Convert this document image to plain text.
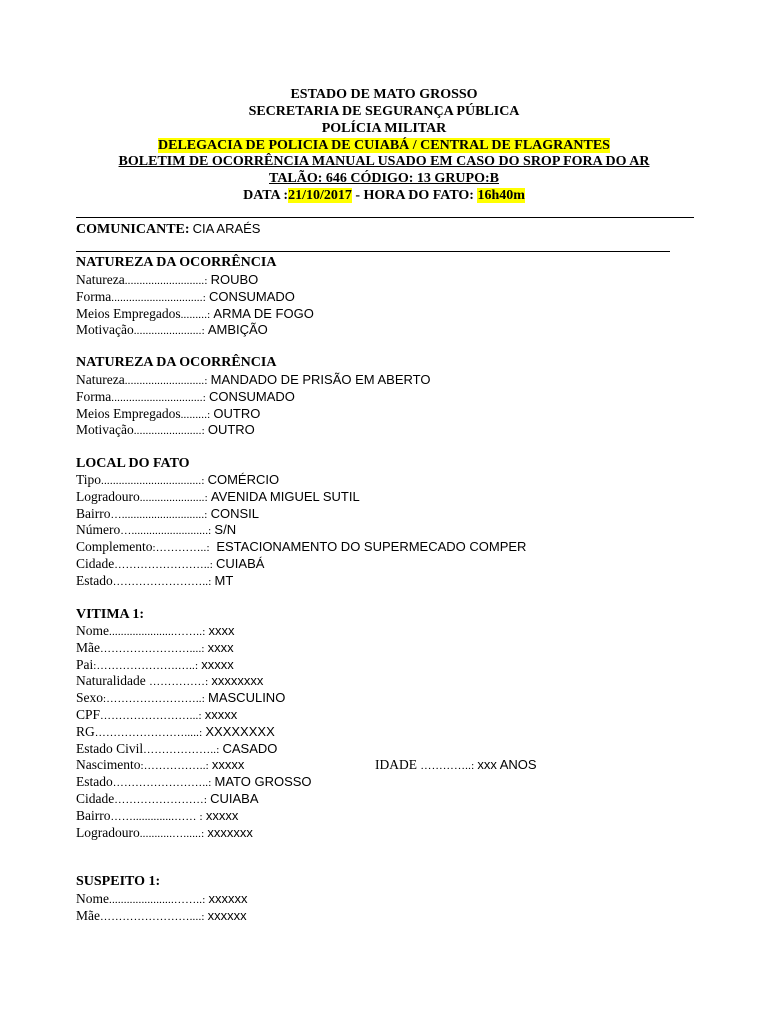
ESTADO DE MATO GROSSO
SECRETARIA DE SEGURANÇA PÚBLICA
POLÍCIA MILITAR
DELEGACIA DE POLICIA DE CUIABÁ / CENTRAL DE FLAGRANTES
BOLETIM DE OCORRÊNCIA MANUAL USADO EM CASO DO SROP FORA DO AR
TALÃO: 646 CÓDIGO: 13 GRUPO:B
DATA :21/10/2017 - HORA DO FATO: 16h40m
COMUNICANTE: CIA ARAÉS
NATUREZA DA OCORRÊNCIA
Natureza...........................: ROUBO
Forma...............................: CONSUMADO
Meios Empregados.........: ARMA DE FOGO
Motivação.......................: AMBIÇÃO
NATUREZA DA OCORRÊNCIA
Natureza...........................: MANDADO DE PRISÃO EM ABERTO
Forma...............................: CONSUMADO
Meios Empregados.........: OUTRO
Motivação.......................: OUTRO
LOCAL DO FATO
Tipo..................................: COMÉRCIO
Logradouro......................: AVENIDA MIGUEL SUTIL
Bairro…............................: CONSIL
Número…..........................: S/N
Complemento:…………..: ESTACIONAMENTO DO SUPERMECADO COMPER
Cidade……………………..: CUIABÁ
Estado……………………..: MT
VITIMA 1:
Nome......................……..: xxxx
Mãe……………………....: xxxx
Pai:………………….…..: xxxxx
Naturalidade ……………: xxxxxxxx
Sexo:……………………..: MASCULINO
CPF……………………...: xxxxx
RG…………………….....: XXXXXXXX
Estado Civil………………..: CASADO
Nascimento:……………..: xxxxx
Estado……………………..: MATO GROSSO
Cidade……………………: CUIABA
Bairro……..............…… : xxxxx
Logradouro...........…......: xxxxxxx
IDADE …………..: xxx ANOS
SUSPEITO 1:
Nome......................……..: xxxxxx
Mãe……………………....: xxxxxx
